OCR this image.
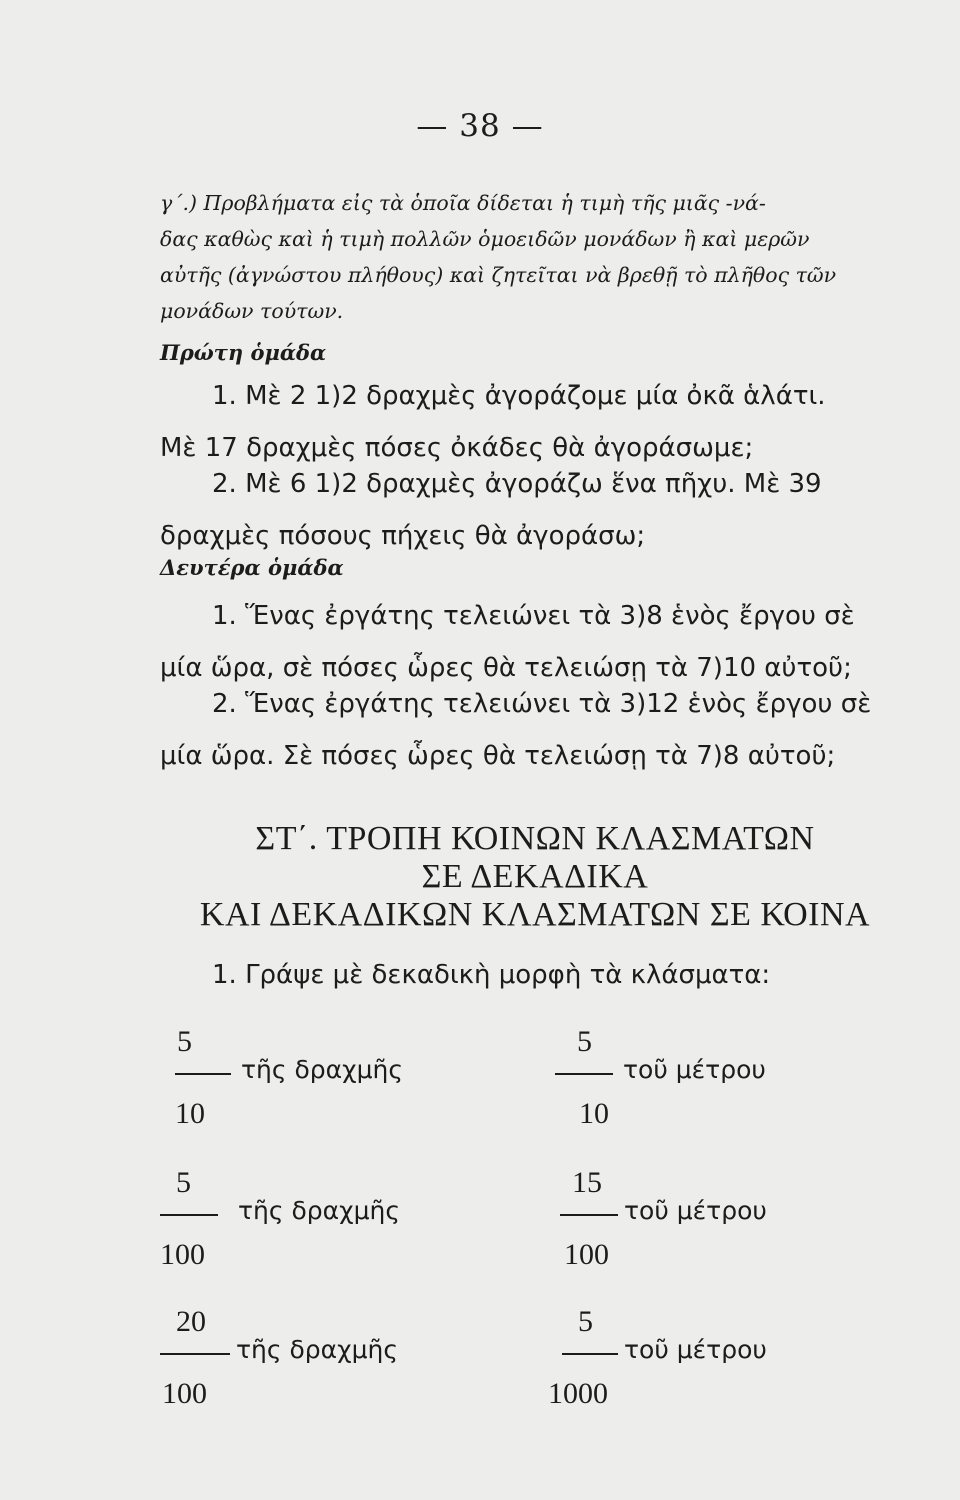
— 38 —
γ΄.) Προβλήματα εἰς τὰ ὁποῖα δίδεται ἡ τιμὴ τῆς μιᾶς -νά-
δας καθὼς καὶ ἡ τιμὴ πολλῶν ὁμοειδῶν μονάδων ἢ καὶ μερῶν
αὐτῆς (ἀγνώστου πλήθους) καὶ ζητεῖται νὰ βρεθῇ τὸ πλῆθος τῶν
μονάδων τούτων.
Πρώτη ὁμάδα
1. Μὲ 2 1)2 δραχμὲς ἀγοράζομε μία ὀκᾶ ἁλάτι.
Μὲ 17 δραχμὲς πόσες ὀκάδες θὰ ἀγοράσωμε;
2. Μὲ 6 1)2 δραχμὲς ἀγοράζω ἕνα πῆχυ. Μὲ 39
δραχμὲς πόσους πήχεις θὰ ἀγοράσω;
Δευτέρα ὁμάδα
1. Ἕνας ἐργάτης τελειώνει τὰ 3)8 ἑνὸς ἔργου σὲ
μία ὥρα, σὲ πόσες ὧρες θὰ τελειώσῃ τὰ 7)10 αὐτοῦ;
2. Ἕνας ἐργάτης τελειώνει τὰ 3)12 ἑνὸς ἔργου σὲ
μία ὥρα. Σὲ πόσες ὧρες θὰ τελειώσῃ τὰ 7)8 αὐτοῦ;
ΣΤ΄. ΤΡΟΠΗ ΚΟΙΝΩΝ ΚΛΑΣΜΑΤΩΝ
ΣΕ ΔΕΚΑΔΙΚΑ
ΚΑΙ ΔΕΚΑΔΙΚΩΝ ΚΛΑΣΜΑΤΩΝ ΣΕ ΚΟΙΝΑ
1. Γράψε μὲ δεκαδικὴ μορφὴ τὰ κλάσματα:
5
10
τῆς δραχμῆς
5
10
τοῦ μέτρου
5
100
τῆς δραχμῆς
15
100
τοῦ μέτρου
20
100
τῆς δραχμῆς
5
1000
τοῦ μέτρου
